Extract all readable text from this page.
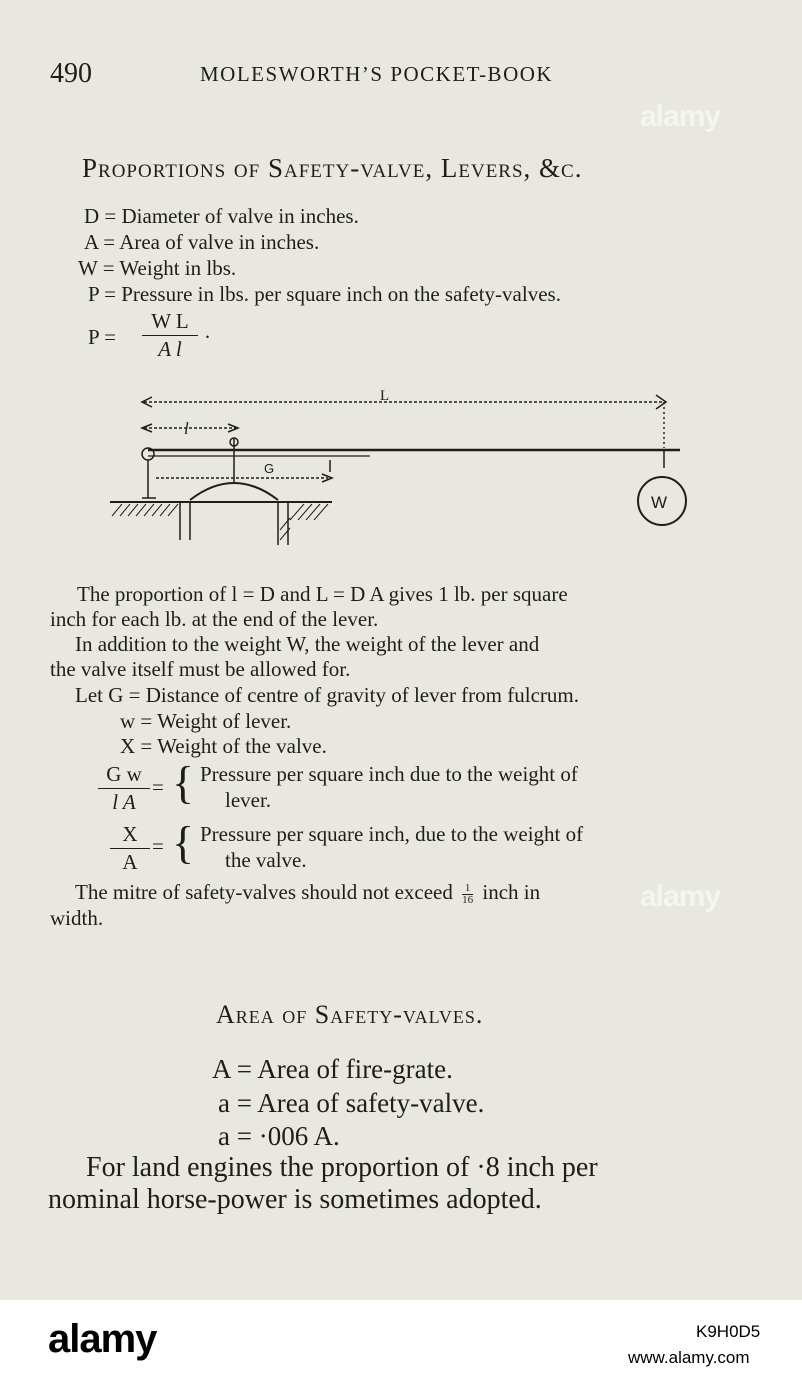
490	MOLESWORTH’S POCKET-BOOK
Proportions of Safety-valve, Levers, &c.
D = Diameter of valve in inches.
A = Area of valve in inches.
W = Weight in lbs.
P = Pressure in lbs. per square inch on the safety-valves.
P =
W L
A l	·
L
l
G
W
The proportion of l = D and L = D A gives 1 lb. per square
inch for each lb. at the end of the lever.
In addition to the weight W, the weight of the lever and
the valve itself must be allowed for.
Let G = Distance of centre of gravity of lever from fulcrum.
w = Weight of lever.
X = Weight of the valve.
G w
l A
= { Pressure per square inch due to the weight of
lever.
X
A
= { Pressure per square inch, due to the weight of
the valve.
The mitre of safety-valves should not exceed $\frac{1}{16}$ inch in
width.
Area of Safety-valves.
A = Area of fire-grate.
a = Area of safety-valve.
a = ·006 A.
For land engines the proportion of ·8 inch per
nominal horse-power is sometimes adopted.
alamy
alamy
alamy	K9H0D5
www.alamy.com
